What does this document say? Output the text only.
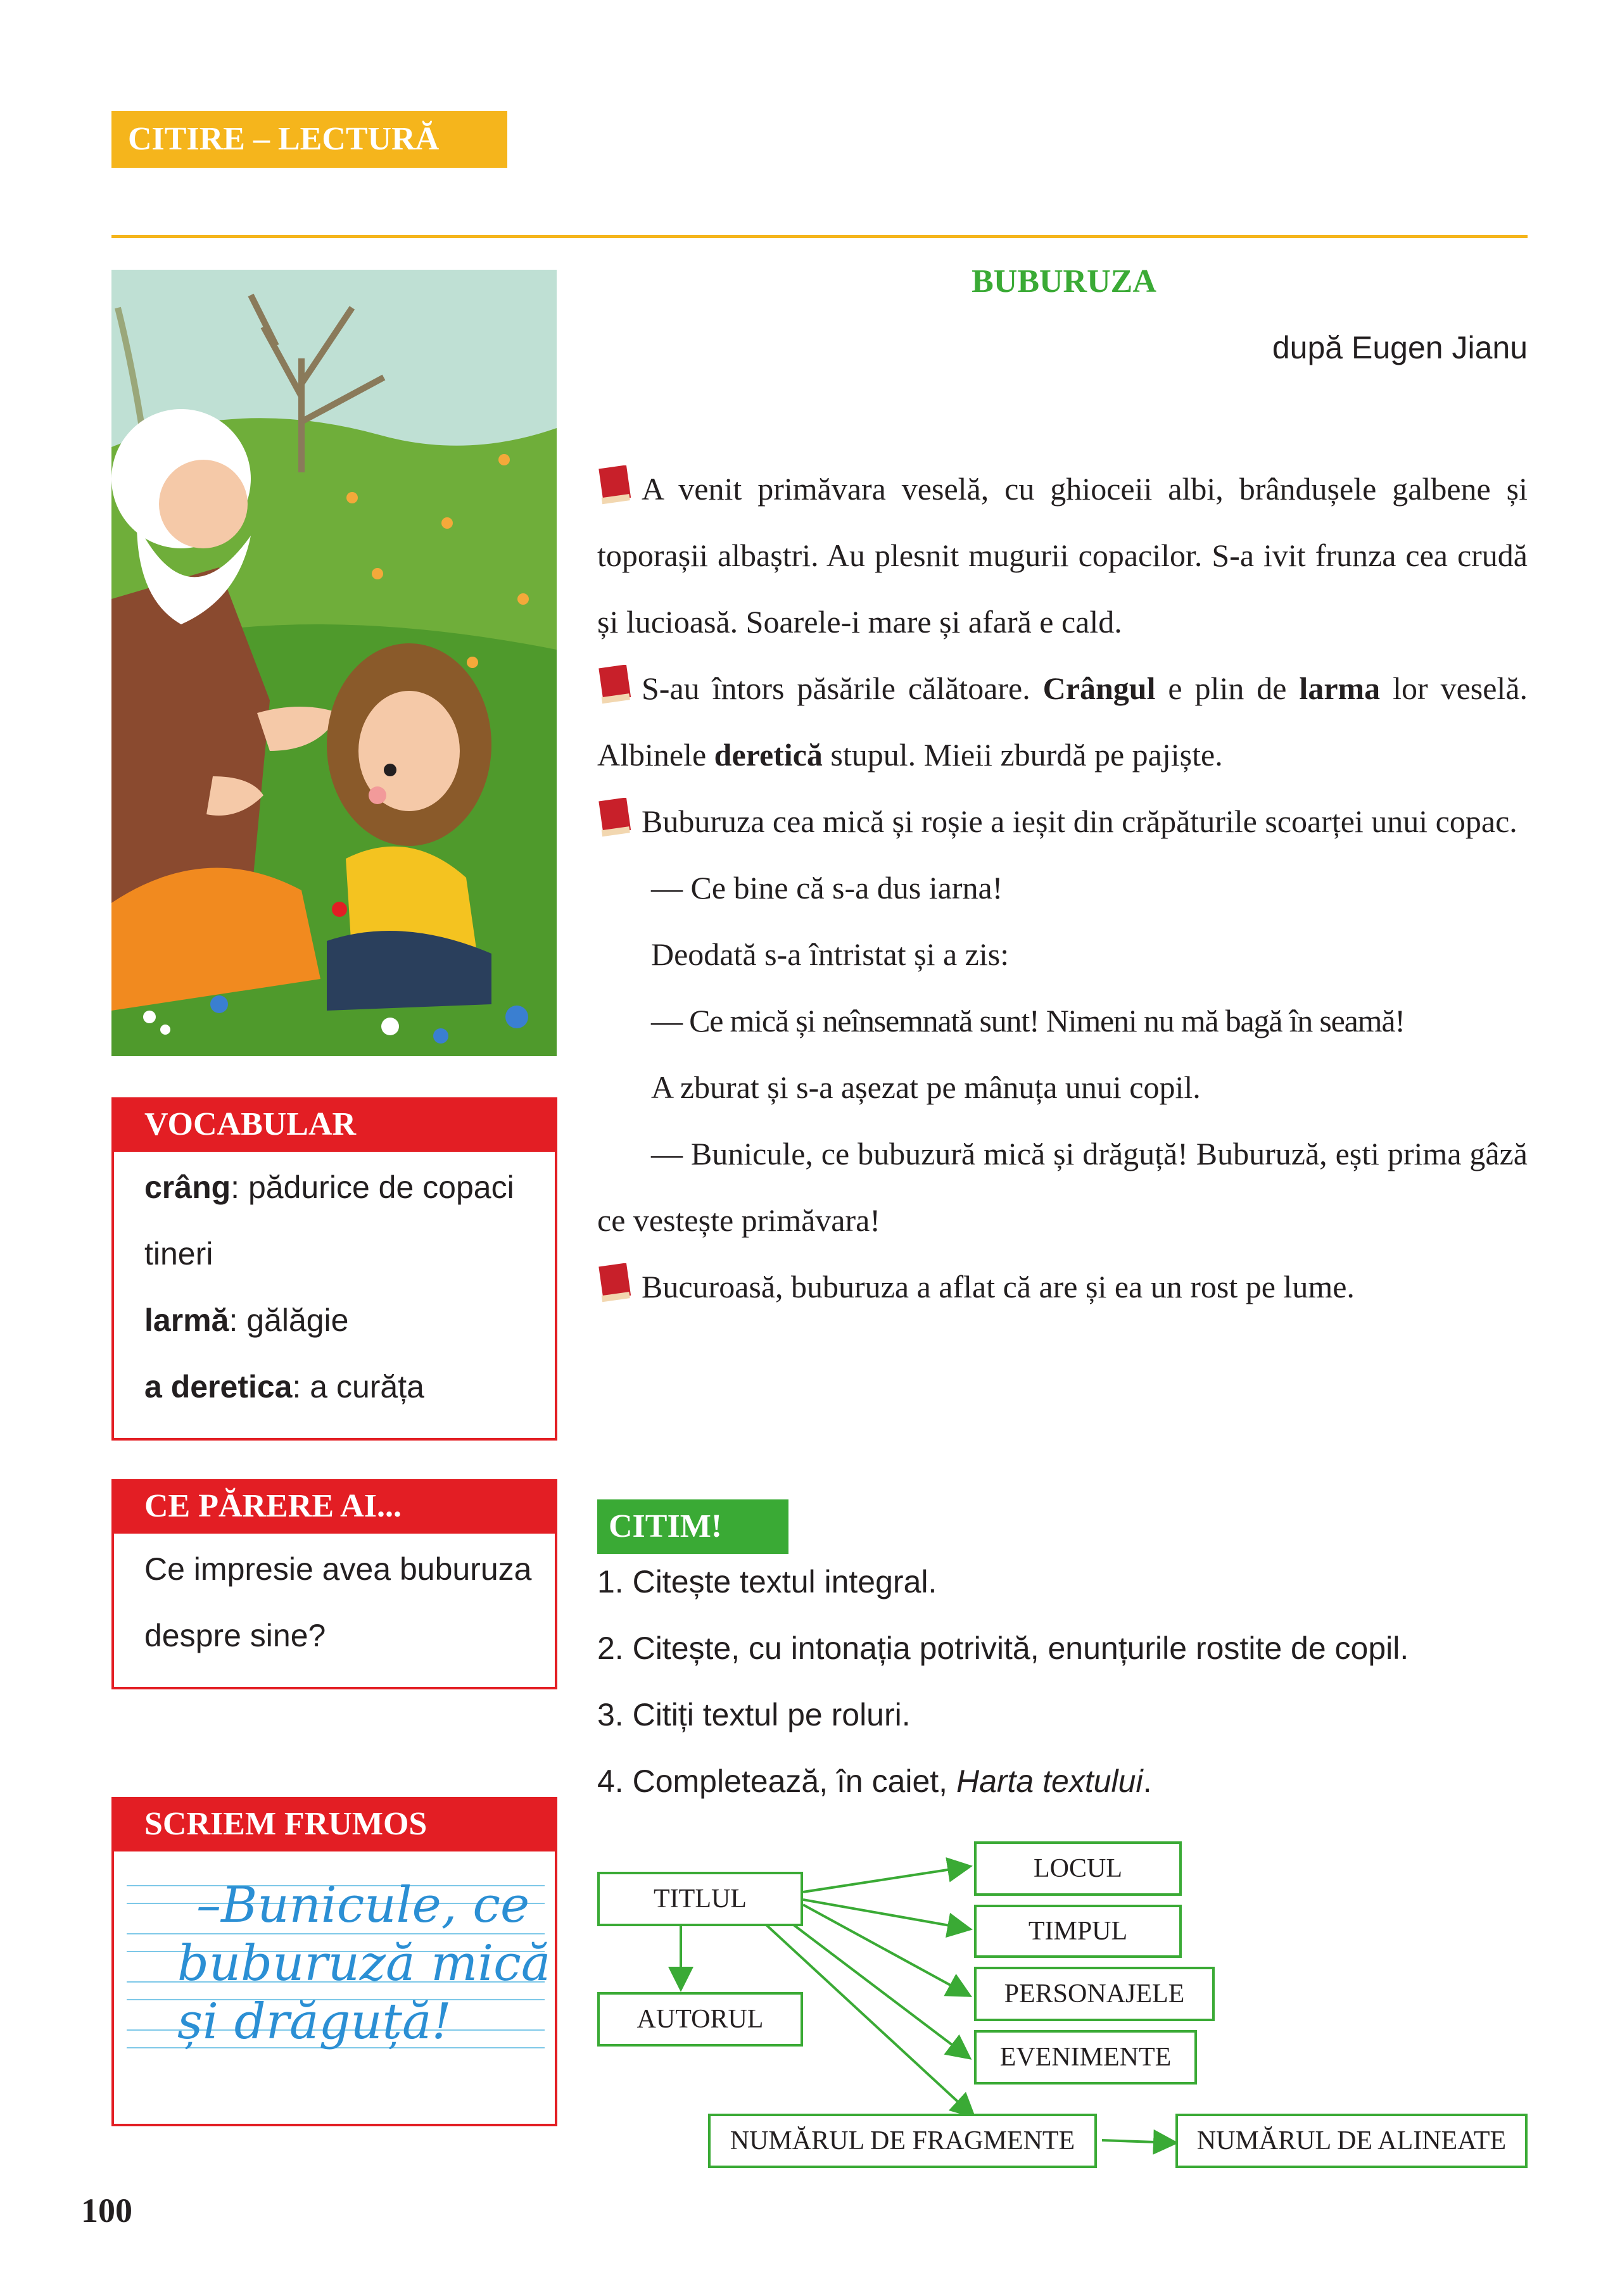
CITIRE – LECTURĂ
BUBURUZA
după Eugen Jianu

A venit primăvara veselă, cu ghioceii albi, brândușele galbene și toporașii albaștri. Au plesnit mugurii copacilor. S-a ivit frunza cea crudă și lucioasă. Soarele-i mare și afară e cald.

S-au întors păsările călătoare. Crângul e plin de larma lor veselă. Albinele deretică stupul. Mieii zburdă pe pajiște.

Buburuza cea mică și roșie a ieșit din crăpăturile scoarței unui copac.

— Ce bine că s-a dus iarna!

Deodată s-a întristat și a zis:

— Ce mică și neînsemnată sunt! Nimeni nu mă bagă în seamă!

A zburat și s-a așezat pe mânuța unui copil.

— Bunicule, ce bubuzură mică și drăguță! Buburuză, ești prima gâză ce vestește primăvara!

Bucuroasă, buburuza a aflat că are și ea un rost pe lume.

VOCABULAR
crâng: pădurice de copaci tineri
larmă: gălăgie
a deretica: a curăța
CE PĂRERE AI...
Ce impresie avea buburuza despre sine?
SCRIEM FRUMOS
–Bunicule, ce
buburuză mică
și drăguță!
CITIM!
1. Citește textul integral.
2. Citește, cu intonația potrivită, enunțurile rostite de copil.
3. Citiți textul pe roluri.
4. Completează, în caiet, Harta textului.
TITLUL
AUTORUL
LOCUL
TIMPUL
PERSONAJELE
EVENIMENTE
NUMĂRUL DE FRAGMENTE	NUMĂRUL DE ALINEATE
100
